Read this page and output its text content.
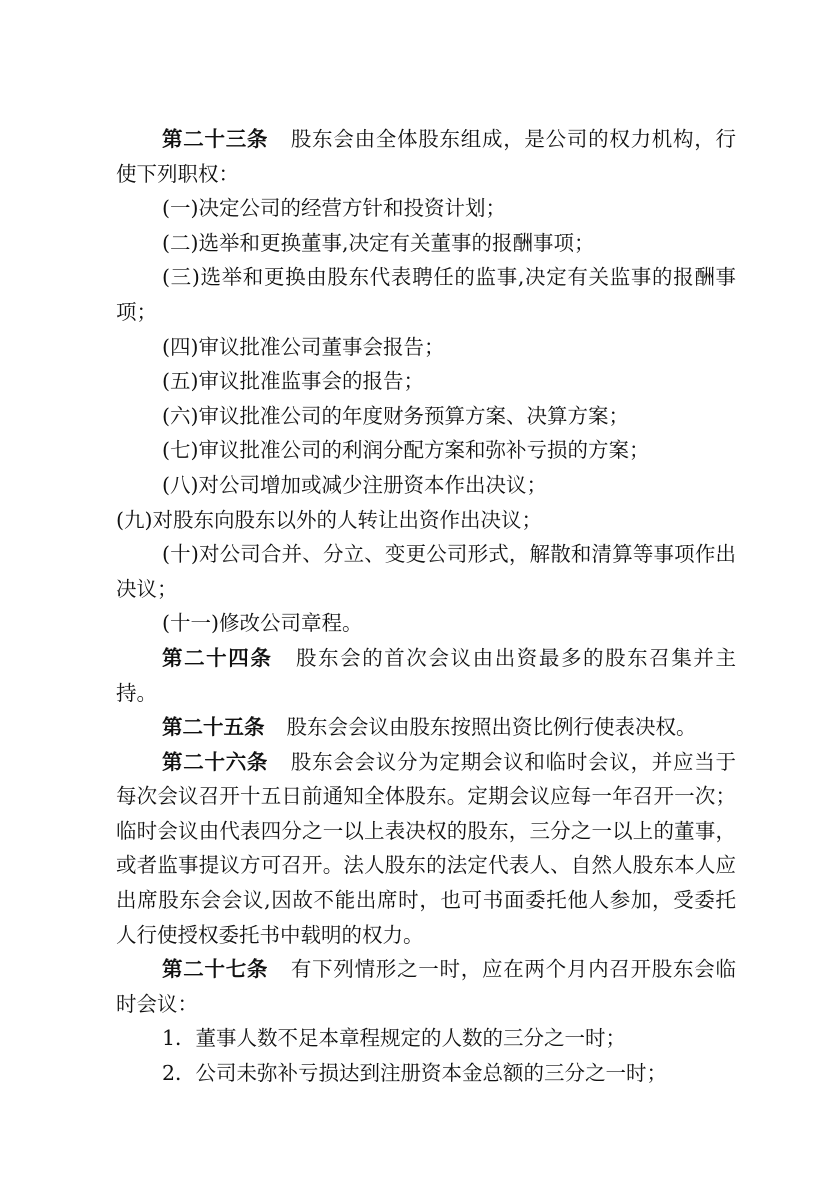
第二十三条 股东会由全体股东组成，是公司的权力机构，行使下列职权：

(一)决定公司的经营方针和投资计划；

(二)选举和更换董事,决定有关董事的报酬事项；

(三)选举和更换由股东代表聘任的监事,决定有关监事的报酬事项；

(四)审议批准公司董事会报告；

(五)审议批准监事会的报告；

(六)审议批准公司的年度财务预算方案、决算方案；

(七)审议批准公司的利润分配方案和弥补亏损的方案；

(八)对公司增加或减少注册资本作出决议；

(九)对股东向股东以外的人转让出资作出决议；

(十)对公司合并、分立、变更公司形式，解散和清算等事项作出决议；

(十一)修改公司章程。

第二十四条 股东会的首次会议由出资最多的股东召集并主持。

第二十五条 股东会会议由股东按照出资比例行使表决权。

第二十六条 股东会会议分为定期会议和临时会议，并应当于每次会议召开十五日前通知全体股东。定期会议应每一年召开一次；临时会议由代表四分之一以上表决权的股东，三分之一以上的董事，或者监事提议方可召开。法人股东的法定代表人、自然人股东本人应出席股东会会议,因故不能出席时，也可书面委托他人参加，受委托人行使授权委托书中载明的权力。

第二十七条 有下列情形之一时，应在两个月内召开股东会临时会议：

1．董事人数不足本章程规定的人数的三分之一时；

2．公司未弥补亏损达到注册资本金总额的三分之一时；
